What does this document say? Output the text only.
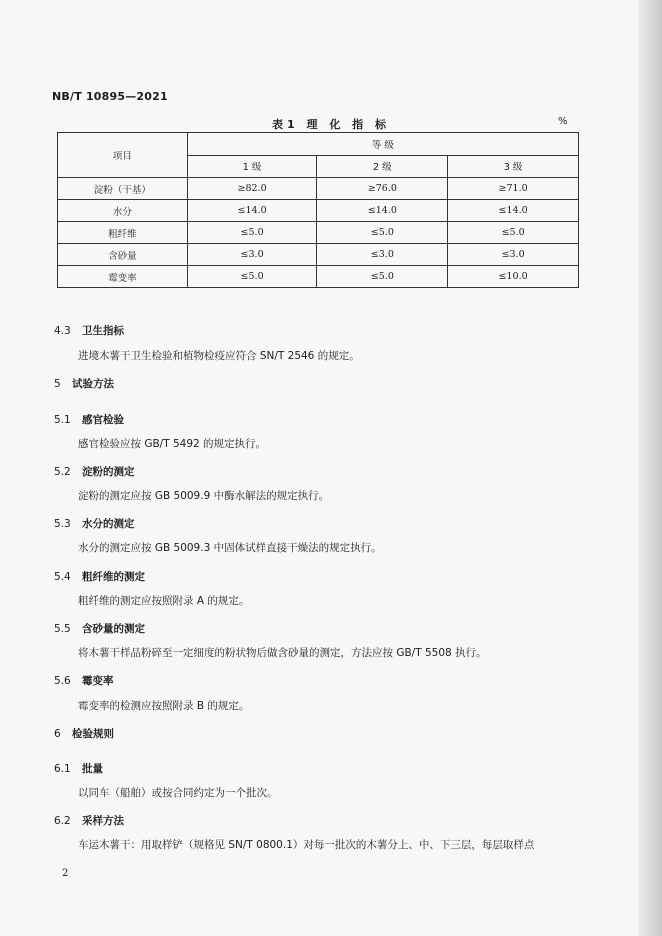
NB/T 10895—2021
表1 理 化 指 标	%
项目	等 级		
	1 级	2 级	3 级
淀粉（干基）	≥82.0	≥76.0	≥71.0
水分	≤14.0	≤14.0	≤14.0
粗纤维	≤5.0	≤5.0	≤5.0
含砂量	≤3.0	≤3.0	≤3.0
霉变率	≤5.0	≤5.0	≤10.0
4.3 卫生指标
进境木薯干卫生检验和植物检疫应符合 SN/T 2546 的规定。
5 试验方法
5.1 感官检验
感官检验应按 GB/T 5492 的规定执行。
5.2 淀粉的测定
淀粉的测定应按 GB 5009.9 中酶水解法的规定执行。
5.3 水分的测定
水分的测定应按 GB 5009.3 中固体试样直接干燥法的规定执行。
5.4 粗纤维的测定
粗纤维的测定应按照附录 A 的规定。
5.5 含砂量的测定
将木薯干样品粉碎至一定细度的粉状物后做含砂量的测定，方法应按 GB/T 5508 执行。
5.6 霉变率
霉变率的检测应按照附录 B 的规定。
6 检验规则
6.1 批量
以同车（船舶）或按合同约定为一个批次。
6.2 采样方法
车运木薯干：用取样铲（规格见 SN/T 0800.1）对每一批次的木薯分上、中、下三层，每层取样点
2
